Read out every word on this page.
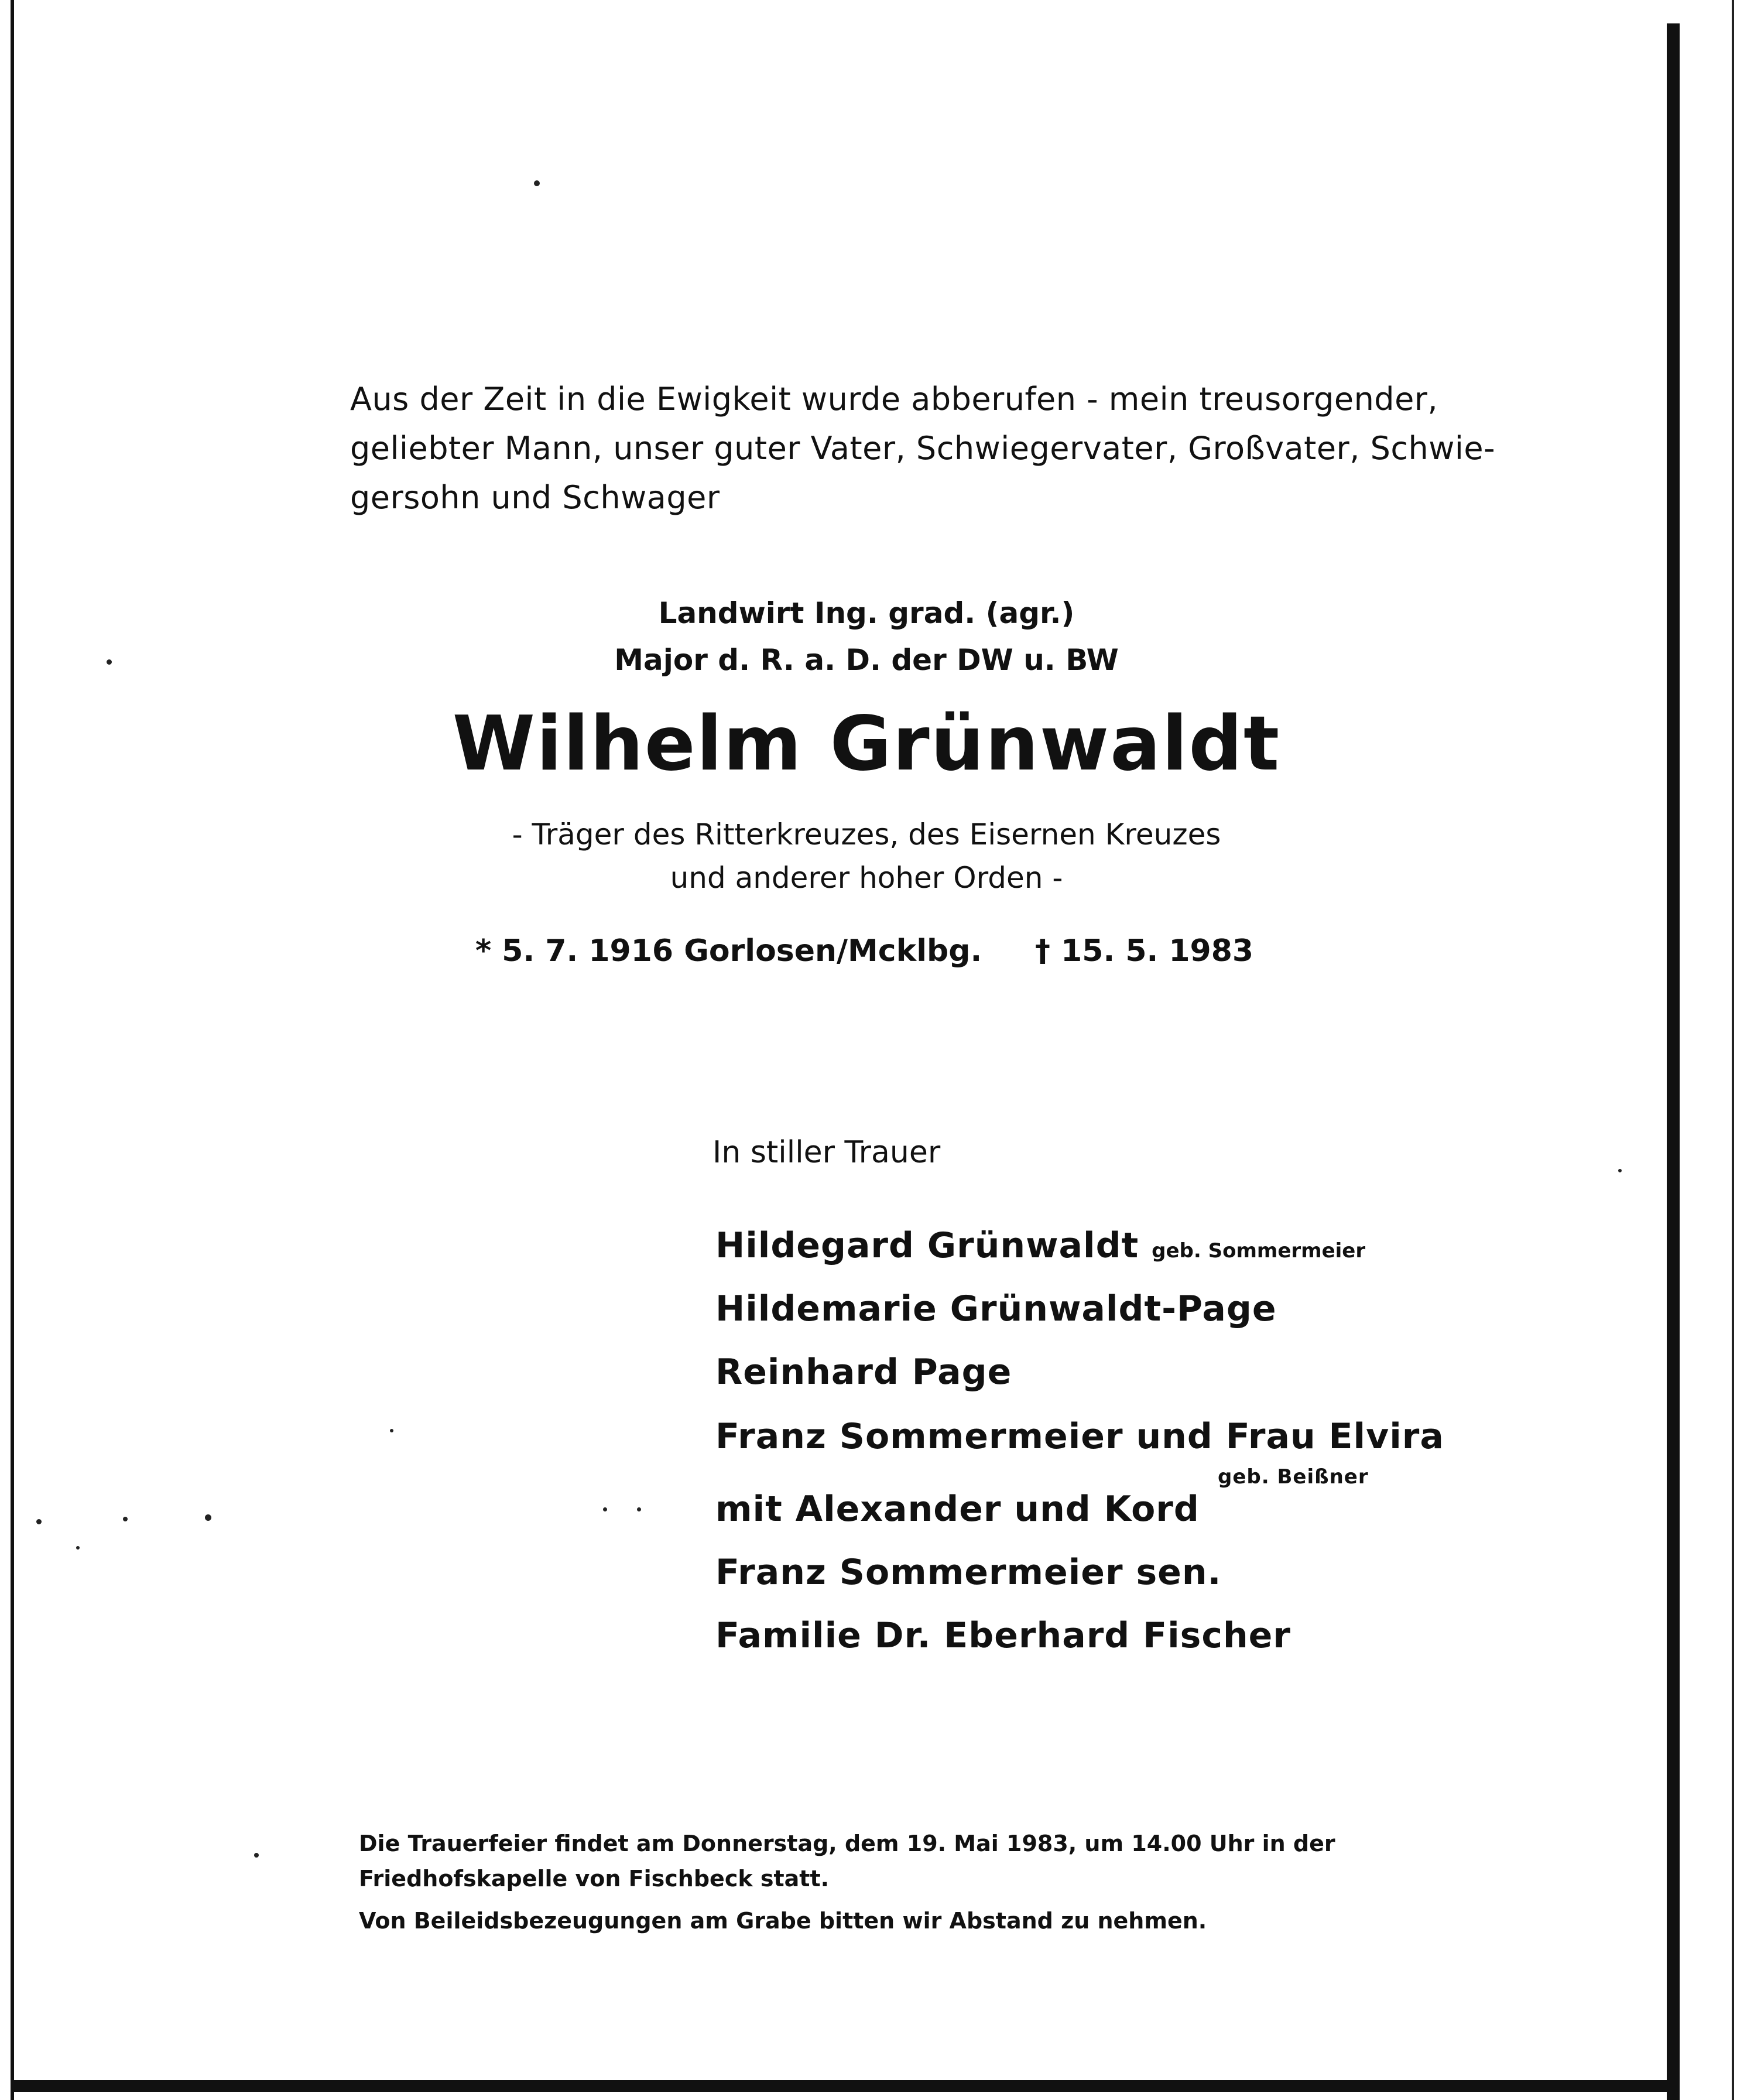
Aus der Zeit in die Ewigkeit wurde abberufen - mein treusorgender,
geliebter Mann, unser guter Vater, Schwiegervater, Großvater, Schwie-
gersohn und Schwager
Landwirt Ing. grad. (agr.)
Major d. R. a. D. der DW u. BW
Wilhelm Grünwaldt
- Träger des Ritterkreuzes, des Eisernen Kreuzes
und anderer hoher Orden -
* 5. 7. 1916 Gorlosen/Mcklbg. † 15. 5. 1983
In stiller Trauer
Hildegard Grünwaldt geb. Sommermeier
Hildemarie Grünwaldt-Page
Reinhard Page
Franz Sommermeier und Frau Elvira
geb. Beißner
mit Alexander und Kord
Franz Sommermeier sen.
Familie Dr. Eberhard Fischer
Die Trauerfeier findet am Donnerstag, dem 19. Mai 1983, um 14.00 Uhr in der
Friedhofskapelle von Fischbeck statt.
Von Beileidsbezeugungen am Grabe bitten wir Abstand zu nehmen.
